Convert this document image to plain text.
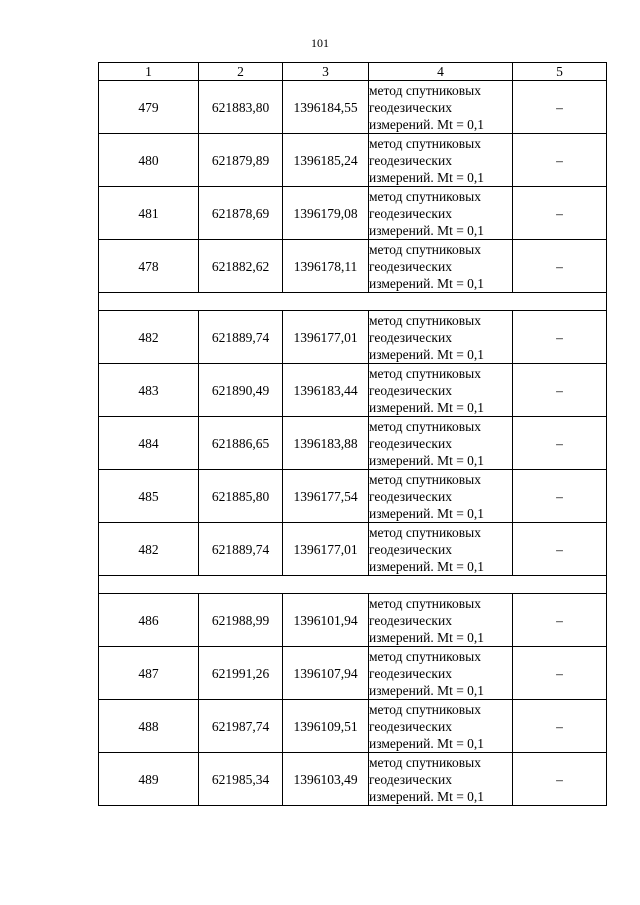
101
1	2	3	4	5
479	621883,80	1396184,55	метод спутниковых
геодезических
измерений. Mt = 0,1	–
480	621879,89	1396185,24	метод спутниковых
геодезических
измерений. Mt = 0,1	–
481	621878,69	1396179,08	метод спутниковых
геодезических
измерений. Mt = 0,1	–
478	621882,62	1396178,11	метод спутниковых
геодезических
измерений. Mt = 0,1	–

482	621889,74	1396177,01	метод спутниковых
геодезических
измерений. Mt = 0,1	–
483	621890,49	1396183,44	метод спутниковых
геодезических
измерений. Mt = 0,1	–
484	621886,65	1396183,88	метод спутниковых
геодезических
измерений. Mt = 0,1	–
485	621885,80	1396177,54	метод спутниковых
геодезических
измерений. Mt = 0,1	–
482	621889,74	1396177,01	метод спутниковых
геодезических
измерений. Mt = 0,1	–

486	621988,99	1396101,94	метод спутниковых
геодезических
измерений. Mt = 0,1	–
487	621991,26	1396107,94	метод спутниковых
геодезических
измерений. Mt = 0,1	–
488	621987,74	1396109,51	метод спутниковых
геодезических
измерений. Mt = 0,1	–
489	621985,34	1396103,49	метод спутниковых
геодезических
измерений. Mt = 0,1	–
